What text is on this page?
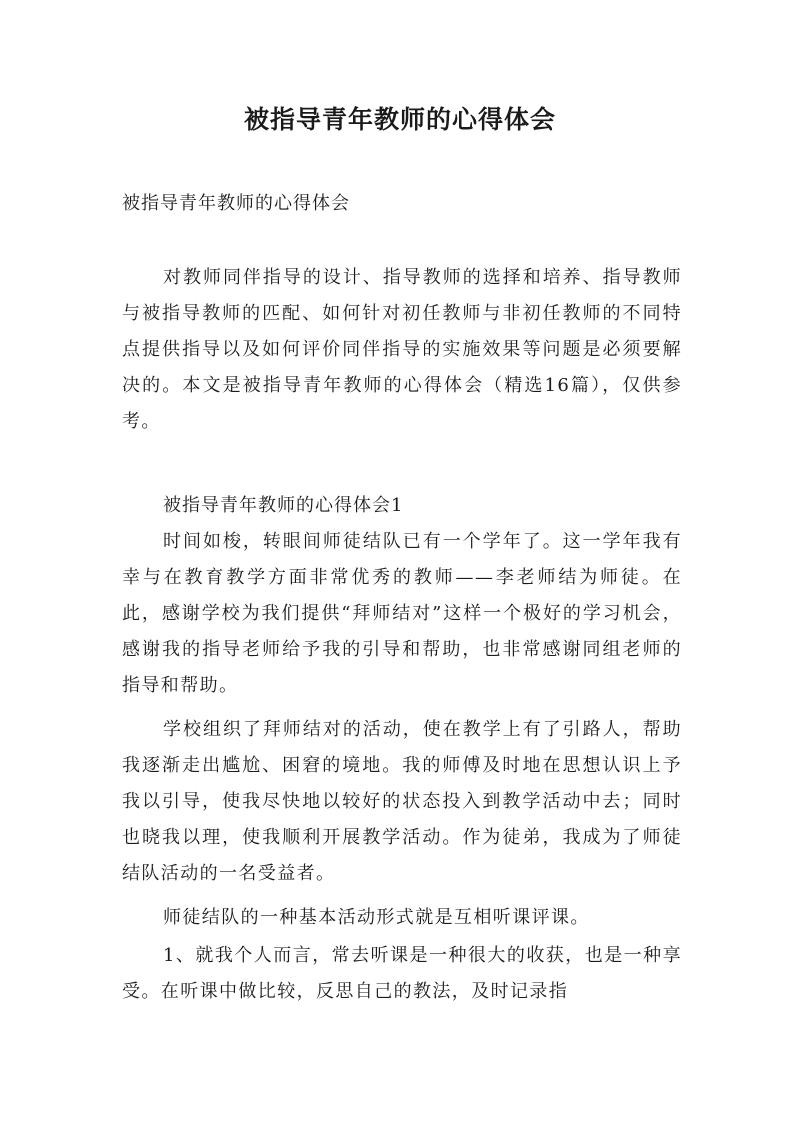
被指导青年教师的心得体会
被指导青年教师的心得体会

对教师同伴指导的设计、指导教师的选择和培养、指导教师与被指导教师的匹配、如何针对初任教师与非初任教师的不同特点提供指导以及如何评价同伴指导的实施效果等问题是必须要解决的。本文是被指导青年教师的心得体会（精选16篇），仅供参考。

被指导青年教师的心得体会1

时间如梭，转眼间师徒结队已有一个学年了。这一学年我有幸与在教育教学方面非常优秀的教师——李老师结为师徒。在此，感谢学校为我们提供“拜师结对”这样一个极好的学习机会，感谢我的指导老师给予我的引导和帮助，也非常感谢同组老师的指导和帮助。

学校组织了拜师结对的活动，使在教学上有了引路人，帮助我逐渐走出尴尬、困窘的境地。我的师傅及时地在思想认识上予我以引导，使我尽快地以较好的状态投入到教学活动中去；同时也晓我以理，使我顺利开展教学活动。作为徒弟，我成为了师徒结队活动的一名受益者。

师徒结队的一种基本活动形式就是互相听课评课。

1、就我个人而言，常去听课是一种很大的收获，也是一种享受。在听课中做比较，反思自己的教法，及时记录指
